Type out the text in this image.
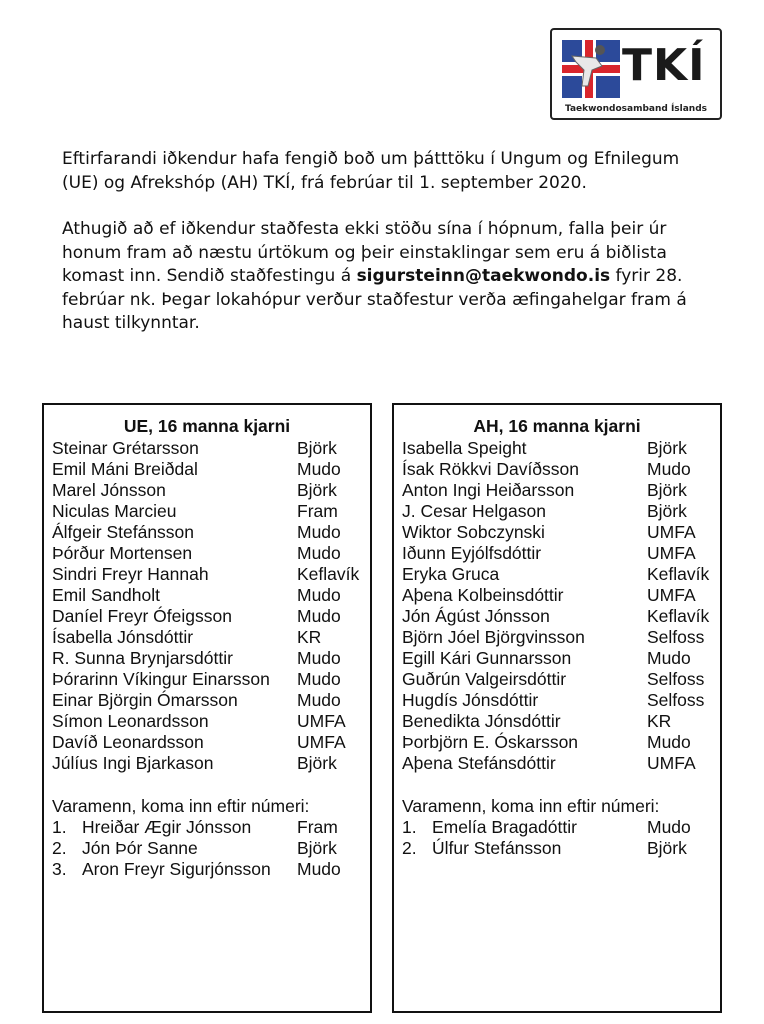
TKÍ
Taekwondosamband Íslands

Eftirfarandi iðkendur hafa fengið boð um þátttöku í Ungum og Efnilegum (UE) og Afrekshóp (AH) TKÍ, frá febrúar til 1. september 2020.

Athugið að ef iðkendur staðfesta ekki stöðu sína í hópnum, falla þeir úr honum fram að næstu úrtökum og þeir einstaklingar sem eru á biðlista komast inn. Sendið staðfestingu á sigursteinn@taekwondo.is fyrir 28. febrúar nk. Þegar lokahópur verður staðfestur verða æfingahelgar fram á haust tilkynntar.

UE, 16 manna kjarni
Steinar Grétarsson	Björk
Emil Máni Breiðdal	Mudo
Marel Jónsson	Björk
Niculas Marcieu	Fram
Álfgeir Stefánsson	Mudo
Þórður Mortensen	Mudo
Sindri Freyr Hannah	Keflavík
Emil Sandholt	Mudo
Daníel Freyr Ófeigsson	Mudo
Ísabella Jónsdóttir	KR
R. Sunna Brynjarsdóttir	Mudo
Þórarinn Víkingur Einarsson Mudo
Einar Björgin Ómarsson	Mudo
Símon Leonardsson	UMFA
Davíð Leonardsson	UMFA
Júlíus Ingi Bjarkason	Björk
Varamenn, koma inn eftir númeri:
1. Hreiðar Ægir Jónsson	Fram
2. Jón Þór Sanne	Björk
3. Aron Freyr Sigurjónsson Mudo
AH, 16 manna kjarni
Isabella Speight	Björk
Ísak Rökkvi Davíðsson	Mudo
Anton Ingi Heiðarsson	Björk
J. Cesar Helgason	Björk
Wiktor Sobczynski	UMFA
Iðunn Eyjólfsdóttir	UMFA
Eryka Gruca	Keflavík
Aþena Kolbeinsdóttir	UMFA
Jón Ágúst Jónsson	Keflavík
Björn Jóel Björgvinsson	Selfoss
Egill Kári Gunnarsson	Mudo
Guðrún Valgeirsdóttir	Selfoss
Hugdís Jónsdóttir	Selfoss
Benedikta Jónsdóttir	KR
Þorbjörn E. Óskarsson	Mudo
Aþena Stefánsdóttir	UMFA
Varamenn, koma inn eftir númeri:
1. Emelía Bragadóttir	Mudo
2. Úlfur Stefánsson	Björk
